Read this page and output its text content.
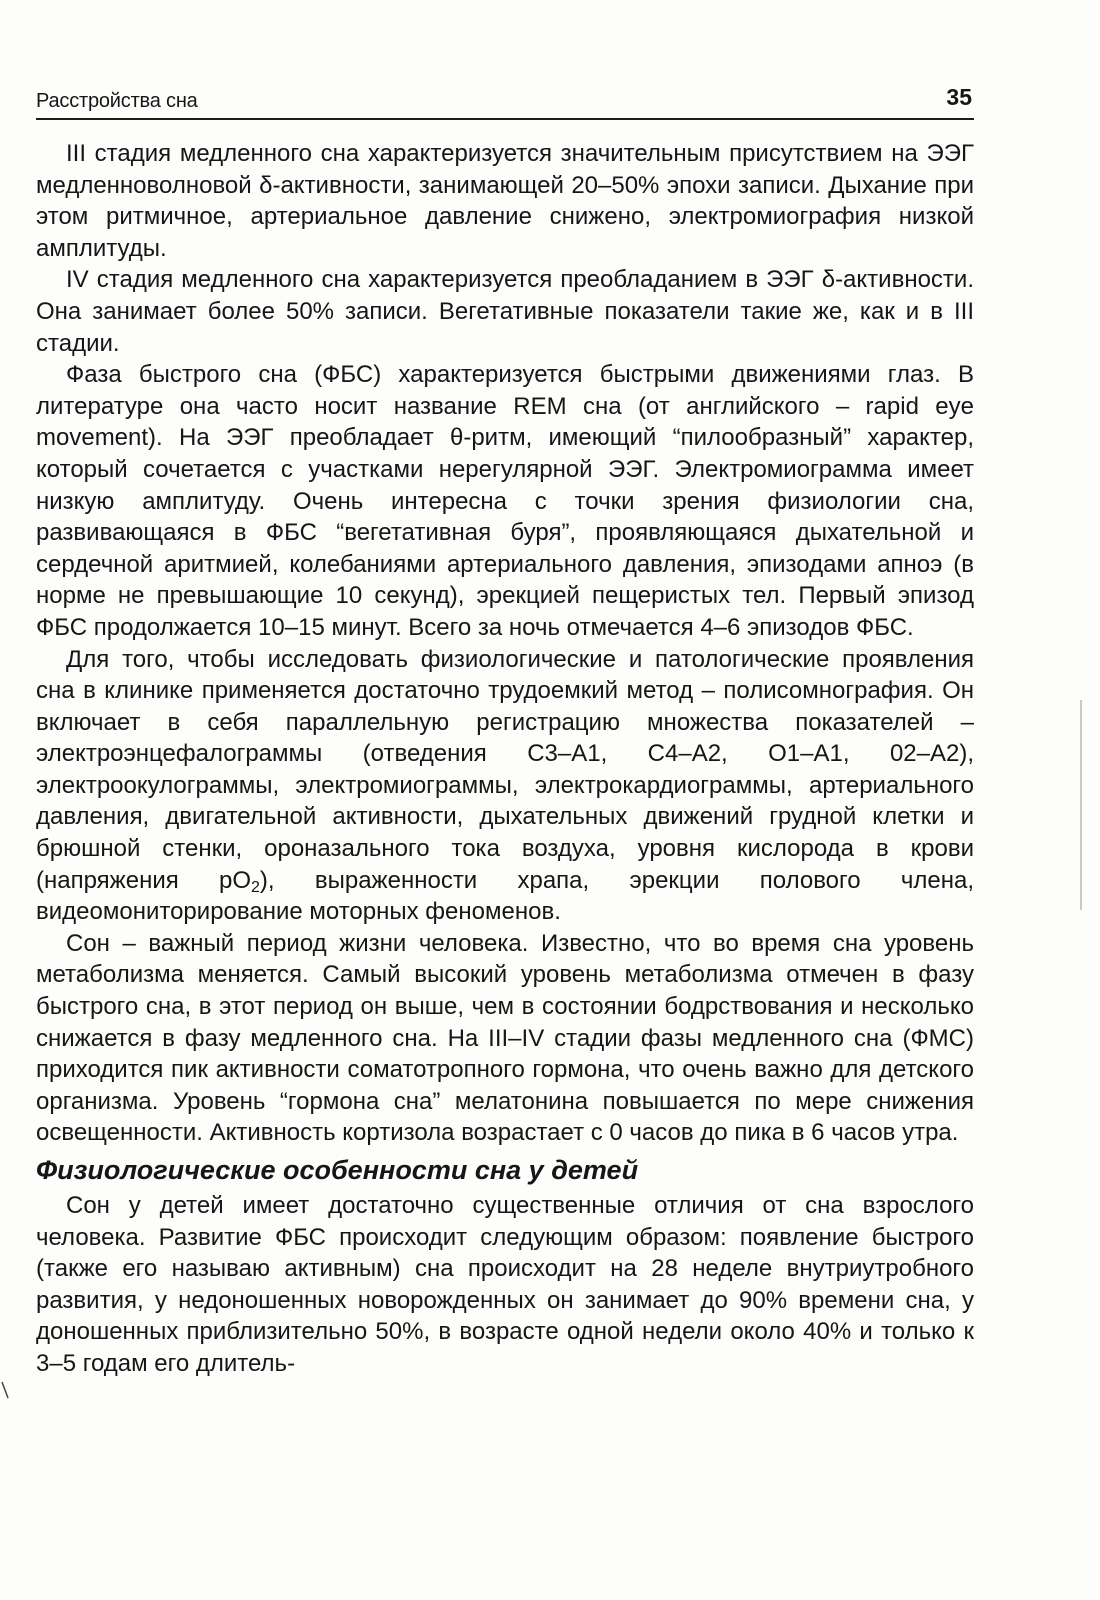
Расстройства сна	35

III стадия медленного сна характеризуется значительным присутствием на ЭЭГ медленноволновой δ-активности, занимающей 20–50% эпохи записи. Дыхание при этом ритмичное, артериальное давление снижено, электромиография низкой амплитуды.

IV стадия медленного сна характеризуется преобладанием в ЭЭГ δ-активности. Она занимает более 50% записи. Вегетативные показатели такие же, как и в III стадии.

Фаза быстрого сна (ФБС) характеризуется быстрыми движениями глаз. В литературе она часто носит название REM сна (от английского – rapid eye movement). На ЭЭГ преобладает θ-ритм, имеющий “пилообразный” характер, который сочетается с участками нерегулярной ЭЭГ. Электромиограмма имеет низкую амплитуду. Очень интересна с точки зрения физиологии сна, развивающаяся в ФБС “вегетативная буря”, проявляющаяся дыхательной и сердечной аритмией, колебаниями артериального давления, эпизодами апноэ (в норме не превышающие 10 секунд), эрекцией пещеристых тел. Первый эпизод ФБС продолжается 10–15 минут. Всего за ночь отмечается 4–6 эпизодов ФБС.

Для того, чтобы исследовать физиологические и патологические проявления сна в клинике применяется достаточно трудоемкий метод – полисомнография. Он включает в себя параллельную регистрацию множества показателей – электроэнцефалограммы (отведения С3–А1, С4–А2, О1–А1, 02–А2), электроокулограммы, электромиограммы, электрокардиограммы, артериального давления, двигательной активности, дыхательных движений грудной клетки и брюшной стенки, ороназального тока воздуха, уровня кислорода в крови (напряжения $pO_2$), выраженности храпа, эрекции полового члена, видеомониторирование моторных феноменов.

Сон – важный период жизни человека. Известно, что во время сна уровень метаболизма меняется. Самый высокий уровень метаболизма отмечен в фазу быстрого сна, в этот период он выше, чем в состоянии бодрствования и несколько снижается в фазу медленного сна. На III–IV стадии фазы медленного сна (ФМС) приходится пик активности соматотропного гормона, что очень важно для детского организма. Уровень “гормона сна” мелатонина повышается по мере снижения освещенности. Активность кортизола возрастает с 0 часов до пика в 6 часов утра.

Физиологические особенности сна у детей

Сон у детей имеет достаточно существенные отличия от сна взрослого человека. Развитие ФБС происходит следующим образом: появление быстрого (также его называю активным) сна происходит на 28 неделе внутриутробного развития, у недоношенных новорожденных он занимает до 90% времени сна, у доношенных приблизительно 50%, в возрасте одной недели около 40% и только к 3–5 годам его длитель-
